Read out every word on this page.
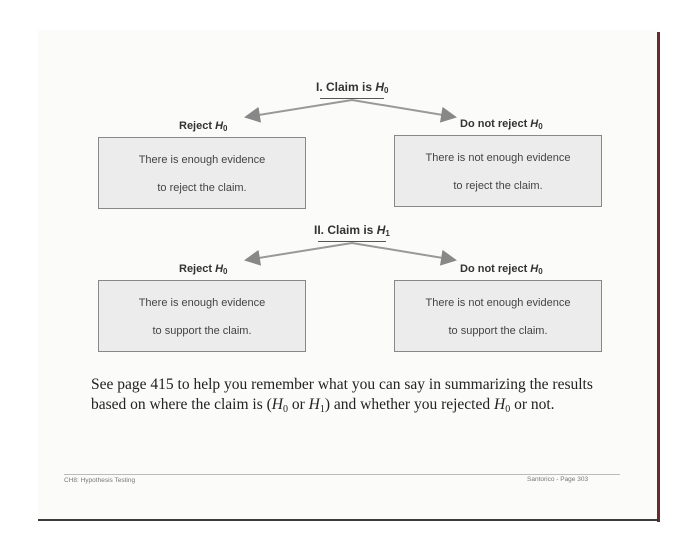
I. Claim is $H_0$
Reject $H_0$	Do not reject $H_0$
There is enough evidence
to reject the claim.
There is not enough evidence
to reject the claim.
II. Claim is $H_1$
Reject $H_0$	Do not reject $H_0$
There is enough evidence
to support the claim.
There is not enough evidence
to support the claim.
See page 415 to help you remember what you can say in summarizing the results based on where the claim is ($H_0$ or $H_1$) and whether you rejected $H_0$ or not.
CH8: Hypothesis Testing	Santorico - Page 303
